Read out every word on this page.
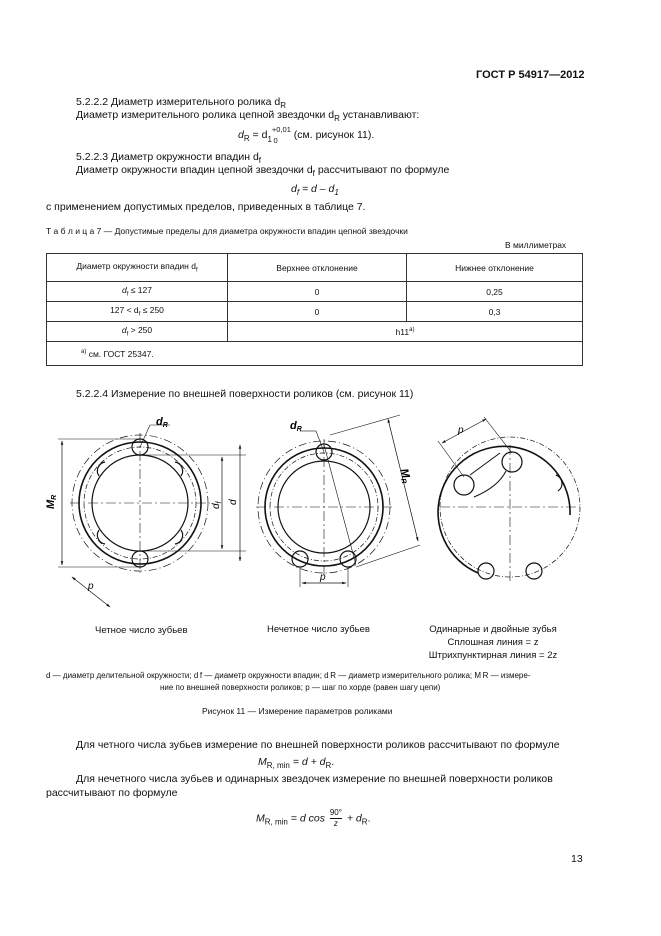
ГОСТ Р 54917—2012
5.2.2.2 Диаметр измерительного ролика $d_R$
Диаметр измерительного ролика цепной звездочки $d_R$ устанавливают:
$d_R = d_1^{+0,01}$
0 (см. рисунок 11).
5.2.2.3 Диаметр окружности впадин $d_f$
Диаметр окружности впадин цепной звездочки $d_f$ рассчитывают по формуле
$d_f = d - d_1$
с применением допустимых пределов, приведенных в таблице 7.
Т а б л и ц а 7 — Допустимые пределы для диаметра окружности впадин цепной звездочки
В миллиметрах
Диаметр окружности впадин $d_f$	Верхнее отклонение	Нижнее отклонение
$d_f \le 127$	0	0,25
$127 < d_f \le 250$	0	0,3
$d_f > 250$	h11$^{a)}$
$^{a)}$ см. ГОСТ 25347.		
5.2.2.4 Измерение по внешней поверхности роликов (см. рисунок 11)
MR
$d_f$ d
dR
p
dR
MR
p
p
Четное число зубьев	Нечетное число зубьев	Одинарные и двойные зубья
Сплошная линия = z
Штрихпунктирная линия = 2z
d — диаметр делительной окружности; d f — диаметр окружности впадин; d R — диаметр измерительного ролика; M R — измере-
ние по внешней поверхности роликов; p — шаг по хорде (равен шагу цепи)
Рисунок 11 — Измерение параметров роликами
Для четного числа зубьев измерение по внешней поверхности роликов рассчитывают по формуле
$M_{R, min} = d + d_R$.
Для нечетного числа зубьев и одинарных звездочек измерение по внешней поверхности роликов
рассчитывают по формуле
$M_{R, min} = d$ $\cos \frac{90^\circ}{z} + d_R$.
13
